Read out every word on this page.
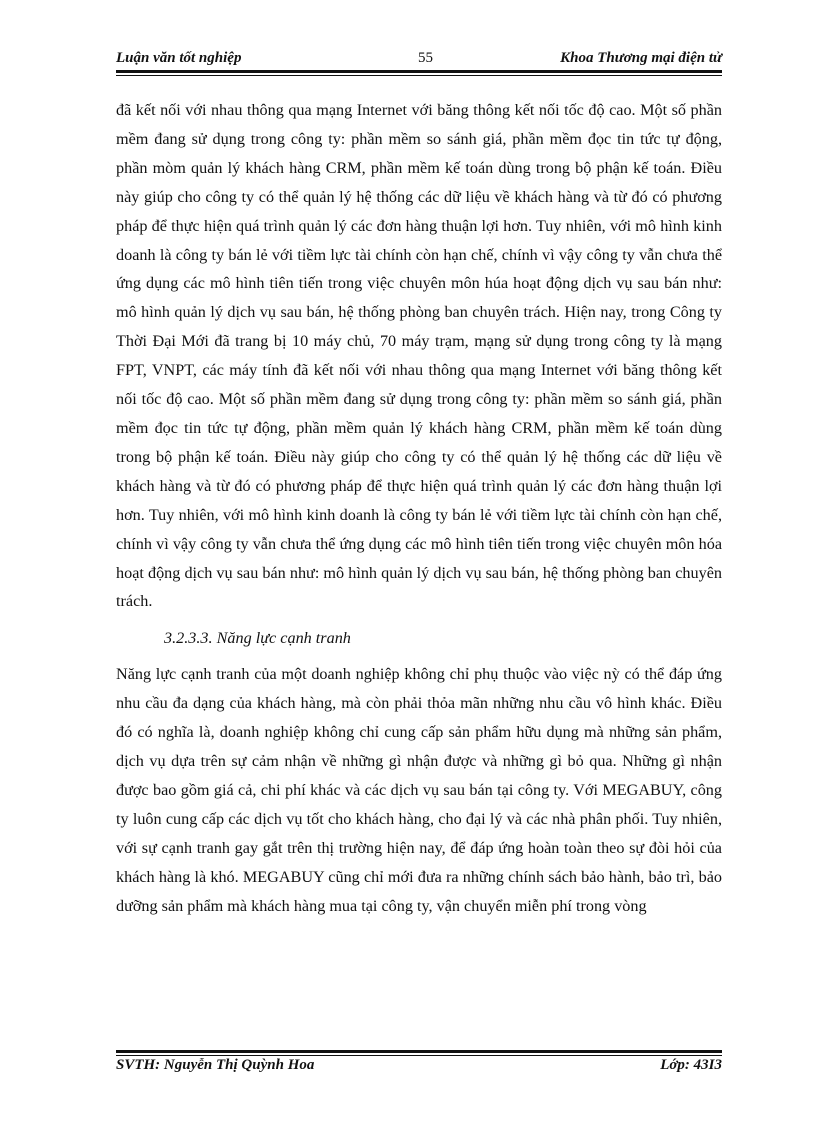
Luận văn tốt nghiệp	55	Khoa Thương mại điện tử

đã kết nối với nhau thông qua mạng Internet với băng thông kết nối tốc độ cao. Một số phần mềm đang sử dụng trong công ty: phần mềm so sánh giá, phần mềm đọc tin tức tự động, phần mòm quản lý khách hàng CRM, phần mềm kế toán dùng trong bộ phận kế toán. Điều này giúp cho công ty có thể quản lý hệ thống các dữ liệu về khách hàng và từ đó có phương pháp để thực hiện quá trình quản lý các đơn hàng thuận lợi hơn. Tuy nhiên, với mô hình kinh doanh là công ty bán lẻ với tiềm lực tài chính còn hạn chế, chính vì vậy công ty vẫn chưa thể ứng dụng các mô hình tiên tiến trong việc chuyên môn húa hoạt động dịch vụ sau bán như: mô hình quản lý dịch vụ sau bán, hệ thống phòng ban chuyên trách. Hiện nay, trong Công ty Thời Đại Mới đã trang bị 10 máy chủ, 70 máy trạm, mạng sử dụng trong công ty là mạng FPT, VNPT, các máy tính đã kết nối với nhau thông qua mạng Internet với băng thông kết nối tốc độ cao. Một số phần mềm đang sử dụng trong công ty: phần mềm so sánh giá, phần mềm đọc tin tức tự động, phần mềm quản lý khách hàng CRM, phần mềm kế toán dùng trong bộ phận kế toán. Điều này giúp cho công ty có thể quản lý hệ thống các dữ liệu về khách hàng và từ đó có phương pháp để thực hiện quá trình quản lý các đơn hàng thuận lợi hơn. Tuy nhiên, với mô hình kinh doanh là công ty bán lẻ với tiềm lực tài chính còn hạn chế, chính vì vậy công ty vẫn chưa thể ứng dụng các mô hình tiên tiến trong việc chuyên môn hóa hoạt động dịch vụ sau bán như: mô hình quản lý dịch vụ sau bán, hệ thống phòng ban chuyên trách.

3.2.3.3. Năng lực cạnh tranh

Năng lực cạnh tranh của một doanh nghiệp không chỉ phụ thuộc vào việc nỳ có thể đáp ứng nhu cầu đa dạng của khách hàng, mà còn phải thỏa mãn những nhu cầu vô hình khác. Điều đó có nghĩa là, doanh nghiệp không chỉ cung cấp sản phẩm hữu dụng mà những sản phẩm, dịch vụ dựa trên sự cảm nhận về những gì nhận được và những gì bỏ qua. Những gì nhận được bao gồm giá cả, chi phí khác và các dịch vụ sau bán tại công ty. Với MEGABUY, công ty luôn cung cấp các dịch vụ tốt cho khách hàng, cho đại lý và các nhà phân phối. Tuy nhiên, với sự cạnh tranh gay gắt trên thị trường hiện nay, để đáp ứng hoàn toàn theo sự đòi hỏi của khách hàng là khó. MEGABUY cũng chỉ mới đưa ra những chính sách bảo hành, bảo trì, bảo dưỡng sản phẩm mà khách hàng mua tại công ty, vận chuyển miễn phí trong vòng

SVTH: Nguyễn Thị Quỳnh Hoa	Lớp: 43I3
